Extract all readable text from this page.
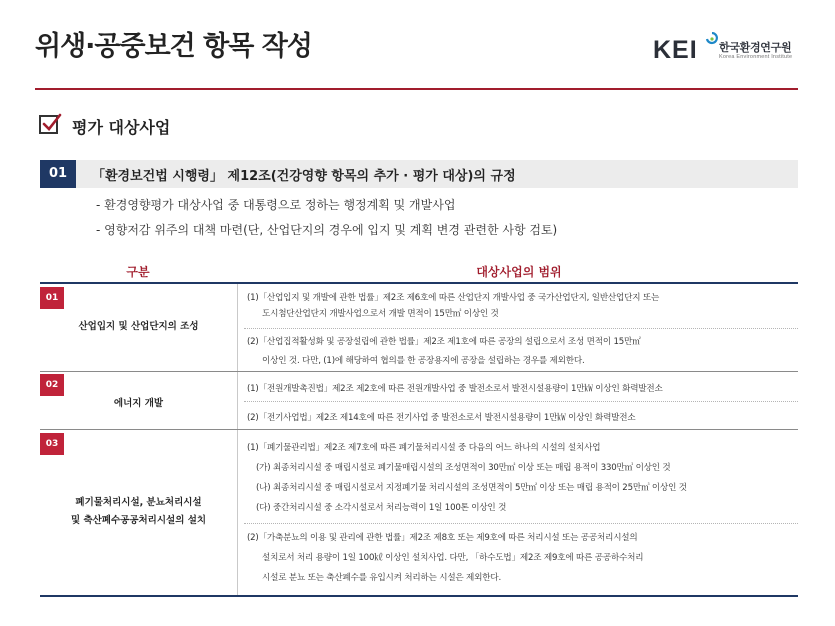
위생·공중보건 항목 작성	KEI 한국환경연구원
Korea Environment Institute
평가 대상사업
01	「환경보건법 시행령」 제12조(건강영향 항목의 추가 · 평가 대상)의 규정
- 환경영향평가 대상사업 중 대통령으로 정하는 행정계획 및 개발사업
- 영향저감 위주의 대책 마련(단, 산업단지의 경우에 입지 및 계획 변경 관련한 사항 검토)
구분	대상사업의 범위
01
산업입지 및 산업단지의 조성
(1)「산업입지 및 개발에 관한 법률」제2조 제6호에 따른 산업단지 개발사업 중 국가산업단지, 일반산업단지 또는
도시첨단산업단지 개발사업으로서 개발 면적이 15만㎡ 이상인 것
(2)「산업집적활성화 및 공장설립에 관한 법률」제2조 제1호에 따른 공장의 설립으로서 조성 면적이 15만㎡
이상인 것. 다만, (1)에 해당하여 협의를 한 공장용지에 공장을 설립하는 경우를 제외한다.
02
에너지 개발
(1)「전원개발촉진법」제2조 제2호에 따른 전원개발사업 중 발전소로서 발전시설용량이 1만㎾ 이상인 화력발전소
(2)「전기사업법」제2조 제14호에 따른 전기사업 중 발전소로서 발전시설용량이 1만㎾ 이상인 화력발전소
03
폐기물처리시설, 분뇨처리시설
및 축산폐수공공처리시설의 설치
(1)「폐기물관리법」제2조 제7호에 따른 폐기물처리시설 중 다음의 어느 하나의 시설의 설치사업
(가) 최종처리시설 중 매립시설로 폐기물매립시설의 조성면적이 30만㎡ 이상 또는 매립 용적이 330만㎥ 이상인 것
(나) 최종처리시설 중 매립시설로서 지정폐기물 처리시설의 조성면적이 5만㎡ 이상 또는 매립 용적이 25만㎥ 이상인 것
(다) 중간처리시설 중 소각시설로서 처리능력이 1일 100톤 이상인 것
(2)「가축분뇨의 이용 및 관리에 관한 법률」제2조 제8호 또는 제9호에 따른 처리시설 또는 공공처리시설의
설치로서 처리 용량이 1일 100㎘ 이상인 설치사업. 다만, 「하수도법」제2조 제9호에 따른 공공하수처리
시설로 분뇨 또는 축산폐수를 유입시켜 처리하는 시설은 제외한다.
